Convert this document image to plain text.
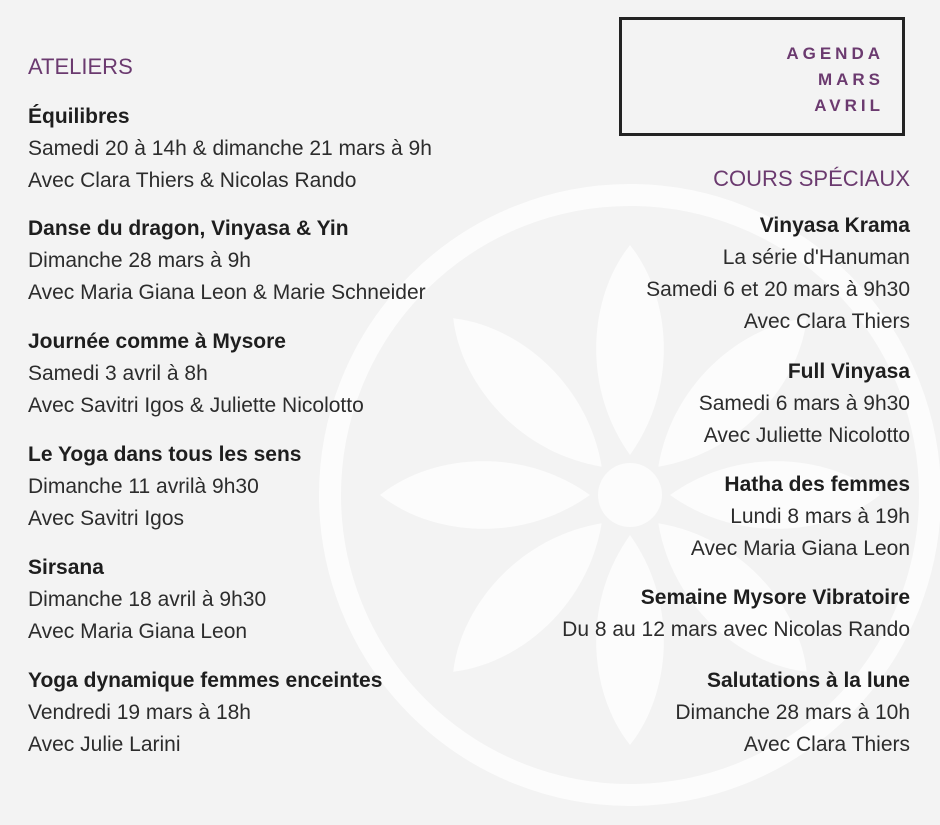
AGENDA
MARS
AVRIL
ATELIERS
Équilibres
Samedi 20 à 14h & dimanche 21 mars à 9h
Avec Clara Thiers & Nicolas Rando
Danse du dragon, Vinyasa & Yin
Dimanche 28 mars à 9h
Avec Maria Giana Leon & Marie Schneider
Journée comme à Mysore
Samedi 3 avril à 8h
Avec Savitri Igos & Juliette Nicolotto
Le Yoga dans tous les sens
Dimanche 11 avrilà 9h30
Avec Savitri Igos
Sirsana
Dimanche 18 avril à 9h30
Avec Maria Giana Leon
Yoga dynamique femmes enceintes
Vendredi 19 mars à 18h
Avec Julie Larini
COURS SPÉCIAUX
Vinyasa Krama
La série d'Hanuman
Samedi 6 et 20 mars à 9h30
Avec Clara Thiers
Full Vinyasa
Samedi 6 mars à 9h30
Avec Juliette Nicolotto
Hatha des femmes
Lundi 8 mars à 19h
Avec Maria Giana Leon
Semaine Mysore Vibratoire
Du 8 au 12 mars avec Nicolas Rando
Salutations à la lune
Dimanche 28 mars à 10h
Avec Clara Thiers
